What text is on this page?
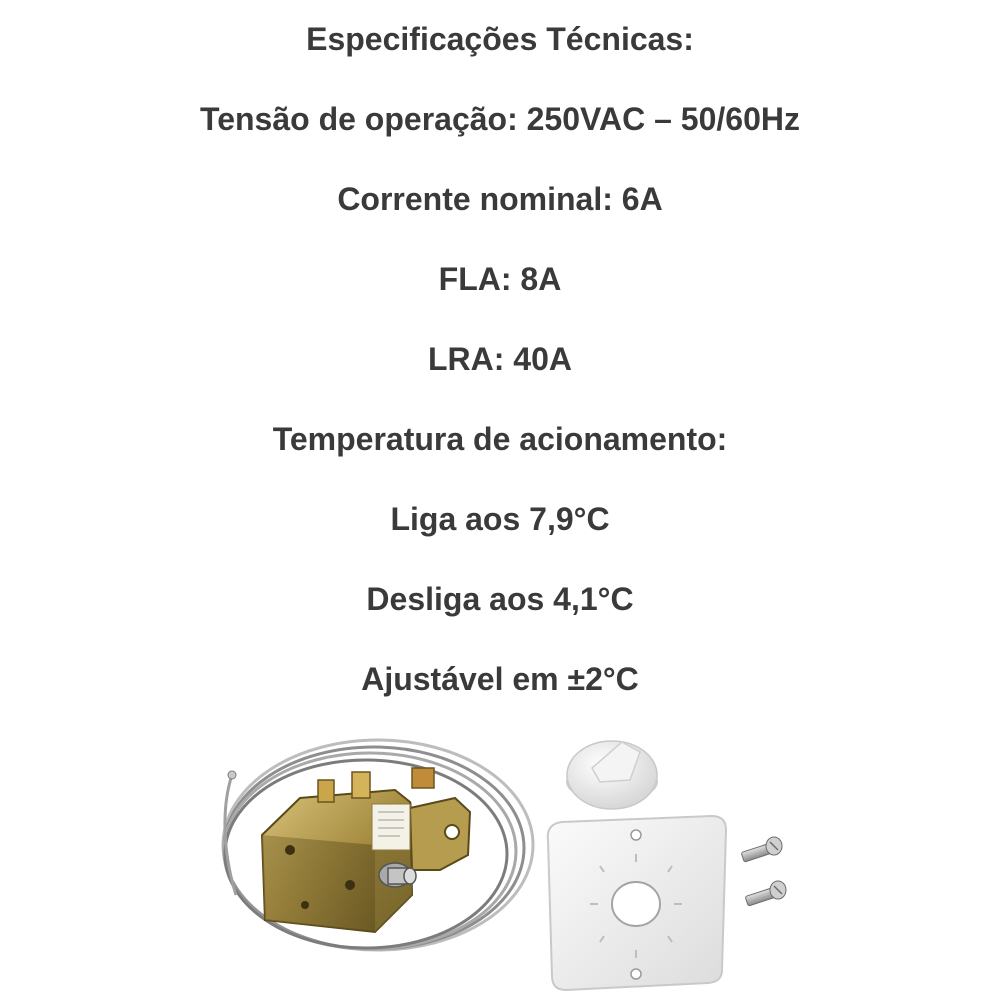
Especificações Técnicas:
Tensão de operação: 250VAC – 50/60Hz
Corrente nominal: 6A
FLA: 8A
LRA: 40A
Temperatura de acionamento:
Liga aos 7,9°C
Desliga aos 4,1°C
Ajustável em ±2°C
